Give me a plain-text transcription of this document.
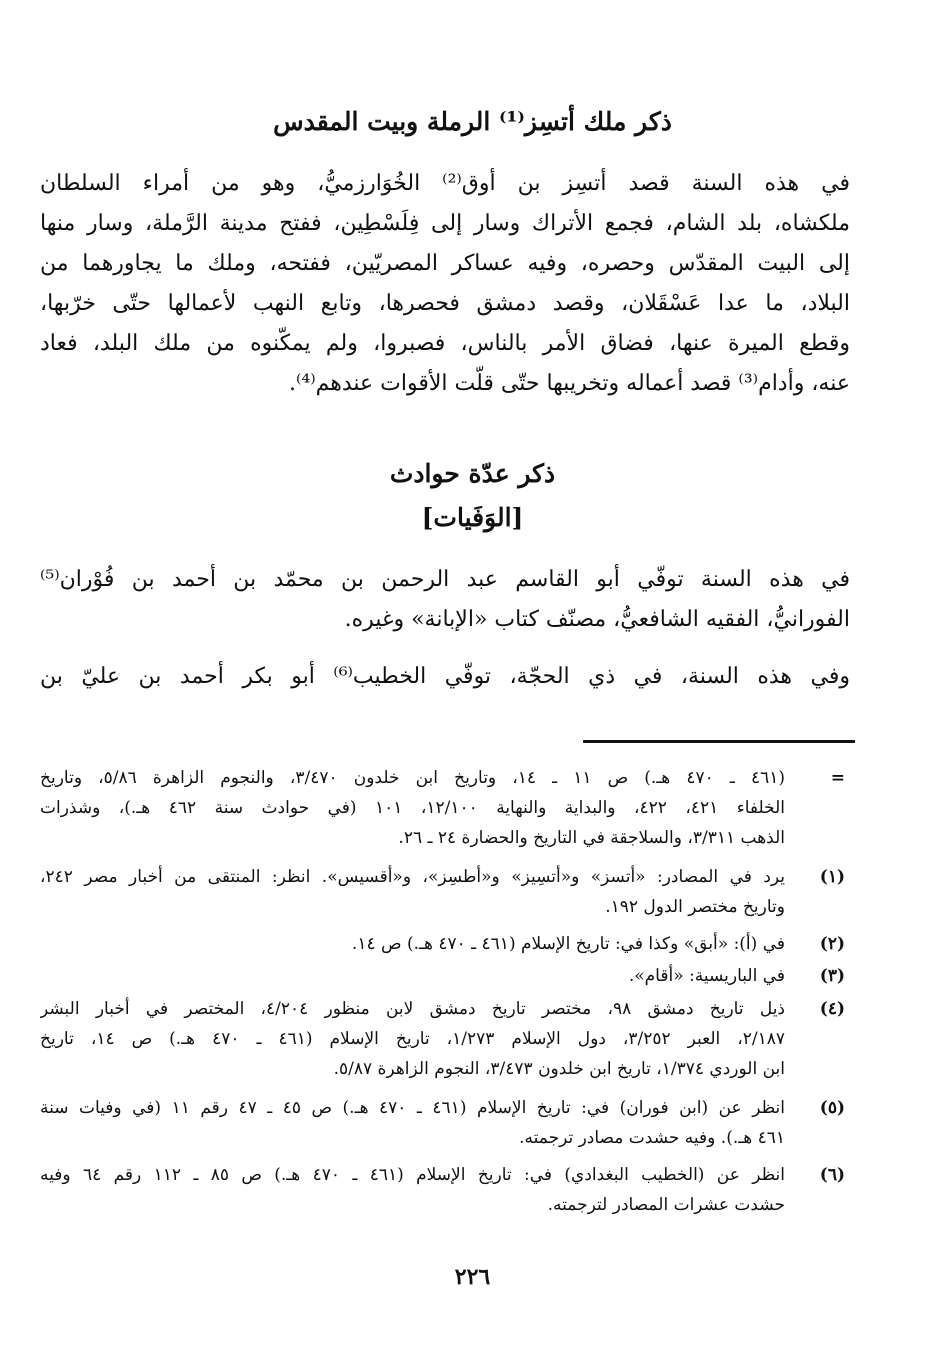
ذكر ملك أتسِز⁽¹⁾ الرملة وبيت المقدس
في هذه السنة قصد أتسِز بن أوق⁽²⁾ الخُوَارزميُّ، وهو من أمراء السلطان
ملكشاه، بلد الشام، فجمع الأتراك وسار إلى فِلَسْطِين، ففتح مدينة الرَّملة، وسار منها
إلى البيت المقدّس وحصره، وفيه عساكر المصريّين، ففتحه، وملك ما يجاورهما من
البلاد، ما عدا عَسْقَلان، وقصد دمشق فحصرها، وتابع النهب لأعمالها حتّى خرّبها،
وقطع الميرة عنها، فضاق الأمر بالناس، فصبروا، ولم يمكّنوه من ملك البلد، فعاد
عنه، وأدام⁽³⁾ قصد أعماله وتخريبها حتّى قلّت الأقوات عندهم⁽⁴⁾.
ذكر عدّة حوادث
[الوَفَيات]
في هذه السنة توفّي أبو القاسم عبد الرحمن بن محمّد بن أحمد بن فُوْران⁽⁵⁾
الفورانيُّ، الفقيه الشافعيُّ، مصنّف كتاب «الإبانة» وغيره.
وفي هذه السنة، في ذي الحجّة، توفّي الخطيب⁽⁶⁾ أبو بكر أحمد بن عليّ بن
=
(٤٦١ ـ ٤٧٠ هـ.) ص ١١ ـ ١٤، وتاريخ ابن خلدون ٣/٤٧٠، والنجوم الزاهرة ٥/٨٦، وتاريخ
الخلفاء ٤٢١، ٤٢٢، والبداية والنهاية ١٢/١٠٠، ١٠١ (في حوادث سنة ٤٦٢ هـ.)، وشذرات
الذهب ٣/٣١١، والسلاجقة في التاريخ والحضارة ٢٤ ـ ٢٦.
(١)
يرد في المصادر: «أتسز» و«أتسِيز» و«أطسِز»، و«أقسيس». انظر: المنتقى من أخبار مصر ٢٤٢،
وتاريخ مختصر الدول ١٩٢.
(٢)
في (أ): «أبق» وكذا في: تاريخ الإسلام (٤٦١ ـ ٤٧٠ هـ.) ص ١٤.
(٣)
في الباريسية: «أقام».
(٤)
ذيل تاريخ دمشق ٩٨، مختصر تاريخ دمشق لابن منظور ٤/٢٠٤، المختصر في أخبار البشر
٢/١٨٧، العبر ٣/٢٥٢، دول الإسلام ١/٢٧٣، تاريخ الإسلام (٤٦١ ـ ٤٧٠ هـ.) ص ١٤، تاريخ
ابن الوردي ١/٣٧٤، تاريخ ابن خلدون ٣/٤٧٣، النجوم الزاهرة ٥/٨٧.
(٥)
انظر عن (ابن فوران) في: تاريخ الإسلام (٤٦١ ـ ٤٧٠ هـ.) ص ٤٥ ـ ٤٧ رقم ١١ (في وفيات سنة
٤٦١ هـ.). وفيه حشدت مصادر ترجمته.
(٦)
انظر عن (الخطيب البغدادي) في: تاريخ الإسلام (٤٦١ ـ ٤٧٠ هـ.) ص ٨٥ ـ ١١٢ رقم ٦٤ وفيه
حشدت عشرات المصادر لترجمته.
٢٢٦
